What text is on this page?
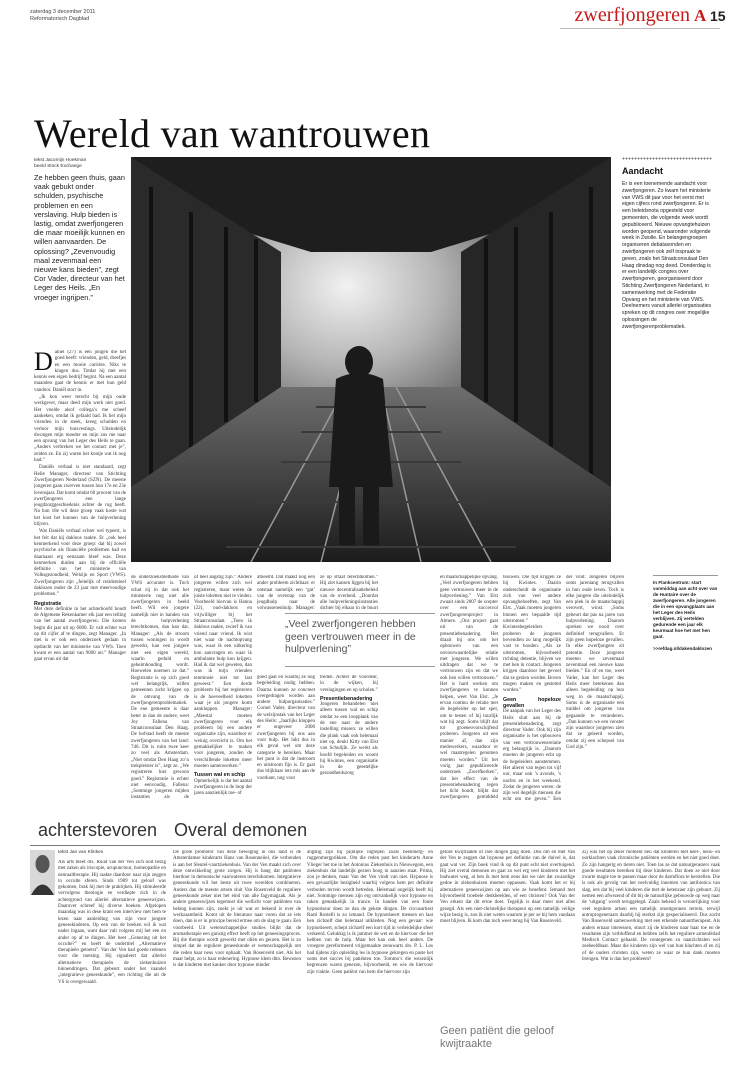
zaterdag 3 december 2011
Reformatorisch Dagblad	zwerfjongeren A 15
Wereld van wantrouwen
tekst Jacomijn Hoekman
beeld Stock Exchange
Ze hebben geen thuis, gaan vaak gebukt onder schulden, psychische problemen en een verslaving. Hulp bieden is lastig, omdat zwerfjongeren die maar moeilijk kunnen en willen aanvaarden. De oplossing? „Zevenvoudig maal zevenmaal een nieuwe kans bieden”, zegt Cor Vader, directeur van het Leger des Heils. „En vroeger ingrijpen.”
Aandacht
Er is een toenemende aandacht voor zwerfjongeren. Zo kwam het ministerie van VWS dit jaar voor het eerst met eigen cijfers rond zwerfjongeren. Er is een beleidsnota opgesteld voor gemeenten, die volgende week wordt gepubliceerd. Nieuwe opvangtehuizen worden geopend, waaronder volgende week in Zwolle. En belangengroepen organiseren debatavonden en zwerfjongeren ook zelf inspraak te geven, zoals het Straatconsulaat Den Haag dinsdag nog deed. Donderdag is er een landelijk congres over zwerfjongeren, georganiseerd door Stichting Zwerfjongeren Nederland, in samenwerking met de Federatie Opvang en het ministerie van VWS. Deelnemers vanuit allerlei organisaties spreken op dit congres over mogelijke oplossingen de zwerfjongerenproblematiek.
D aniël (27) is een jongen die het goed heeft: vrienden, geld, dreefjes en een mooie carrière. Niks te klagen dus. Totdat hij met een kennis een eigen bedrijf begint. Na een aantal maanden gaat de kennis er met hun geld vandoor. Daniël stort in.

„Ik kon weer terecht bij mijn oude werkgever, maar deed mijn werk niet goed. Het voelde alsof collega’s me scheef aankeken, omdat ik gefaald had. Ik liet mijn vrienden in de steek, kreeg schulden en verloor mijn huisvestings. Uiteindelijk dwongen mijn moeder en mijn zus me naar een opvang van het Leger des Heils te gaan. „Anders verbreken we het contact met je”, zeiden ze. En zij waren het kontje wat ik nog had.”

Daniëls verhaal is niet standaard, zegt Helle Manager, directeur van Stichting Zwerfjongeren Nederland (SZN). De meeste jongeren gaan zwerven tussen hun 17e en 23e levensjaar. Dat komt omdat 60 procent van de zwerfjongeren een lange jeugdzorggeschiedenis achter de rug heeft. Na hun 18e wil deze groep vaak koste wat het kost het kunnen van de hulpverlening blijven.

Wat Daniëls verhaal echter wel typeert, is het feit dat hij dakloos raakte. Er „ook heel kenmerkend voor deze groep: dat hij zowel psychische als financiële problemen had en daarnaast erg eenzaam bleef was. Deze kenmerken duiden aan bij de officiële definitie van het ministerie van Volksgezondheid, Welzijn en Sport (VWS). Zwerfjongeren zijn „feitelijk of residentieel daklozen onder de 23 jaar met meervoudige problemen.”

Registratie

Met deze definitie in het achterhoofd houdt de Algemene Rekenkamer elk jaar een telling van het aantal zwerfjongeren. Die komen begin dit jaar uit op 6000. Er valt echter wat op dit cijfer af te dingen, zegt Manager. „In mei is er ook een onderzoek gedaan in opdracht van het ministerie van VWS. Toen kwam er een aantal van 9000 uit.” Manager gaat ervan uit dat

de onderzoeksmethode van VWS accurater is. Toch schat zij in dat ook het ministerie nog niet alle zwerfjongeren in beeld heeft. Wil een jongere namelijk niet in handen van de hulpverlening terechtkomen, dan kan dat. Manager: „Als de stroom tussen woningen in wordt gewerkt, kan een jongere met een eigen wereld, waarin geduld en geheimhouding wordt. Hoewelen noemen ze dat.” Registratie is op zich goed wel belangrijk, willen gemeenten zicht krijgen op de omvang van de zwerfjongerenproblematiek. De ene gemeente is daar beter in dan de andere, weet Joy Fallena van Straatconsulaat Den Haag. De hofstad heeft de meeste zwerfjongeren van het land: 746. Dit is ruim twee keer zo veel als Amsterdam. „Niet omdat Den Haag zo’n trekpleister is”, zegt ze. „We registreren hier gewoon goed.” Registratie is echter niet eenvoudig. Fallena: „Sommige jongeren mijden instanties als de

of heel angstig zijn.” Andere jongeren willen zich wel registreren, maar weten de juiste loketten niet te vinden. Voorbeeld hiervan is Hanna (22), oud-dakloos en vrijwilliger bij het Straatconsulaat. „Toen ik dakloos raakte, zwierf ik van vriend naar vriend. Ik wist niet waar de nachtopvang was, waar ik een uitkering kon aanvragen en waar ik ambulante hulp kon krijgen. Had ik dat wel geweten, dan was ik mijn vrienden tenminste niet tot last geweest.” Een derde probleem bij het registreren is de hoeveelheid loketten waar je als jongere komt aankloppen. Manager: „Meestal moeten zwerfjongeren voor elk probleem bij een andere organisatie zijn, waardoor er weinig overzicht is. Om het gemakkelijker te maken voor jongeren, zouden de verschillende loketten meer moeten samenwerken.”

Tussen wal en schip

Opmerkelijk is dat het aantal zwerfjongeren in de loop der jaren aanzienlijk toe- of

afneemt. Dat maakt nog een ander probleem zichtbaar: er ontstaat namelijk een ‘gat’ van de overstap van de jeugdhulp naar de volwassenenhulp. Manager:

goed gaat en waarbij ze nog begeleiding nodig hebben. Daarna kunnen ze concreet overgedragen worden aan andere hulporganisaties.” Cornel Vader, directeur van de welzijnstak van het Leger des Heils: „Jaarlijks kloppen er ongeveer 2000 zwerfjongeren bij ons aan voor hulp. Het lukt dus in elk geval wel om deze categorie te bereiken. Maar het punt is dat de instroom en uitstroom fijn is. Er gaat dus blijkbaar iets mis aan de voorkant, nog voor

„Veel zwerfjongeren hebben geen vertrouwen meer in de hulpverlening”

ze op straat terechtkomen.” Hij ziet kansen liggen bij het nieuwe decentralisatiebeleid van de overheid. „Doordat alle hulpverleningsinstanties dichter bij elkaar in de buurt

treden. Achter de voordeur, in de wijken, bij verslagingen en op scholen.”

Presentiebenadering

Jongeren behandelen niet alleen tussen wal en schip omdat ze een loopplank van de ene naar de andere instelling missen: ze willen die plank vaak ook helemaal niet op, denkt Kitty van Elst van Schuiljik. Ze werkt als hoofd begeleiden en woont bij Kwintes, een organisatie in de geestelijke gezondheidszorg

en maatschappelijke opvang. „Veel zwerfjongeren hebben geen vertrouwen meer in de hulpverlening.” Van Elst zwaait sinds 2007 de scepter over een succesvol zwerfjongerenproject in Almere. „Ons project gaat uit van de presentiebenadering. Het draait bij ons om het opbouwen van een onvoorwaardelijke relatie met jongeren. We willen uitdragen dat we te vertrouwen zijn en dat we ook hen willen vertrouwen.” Het is hard werken om zwerfjongeren te kunnen helpen, weet Van Elst. „Je ervan continu de relatie met de begeleider op het spel, om te testen of hij tuurlijk wat bij zegt. Soms blijft dat tot groeneovorschijfend proberen. Jongeren uit een manier af, dan zijn medewerkers, waardoor er wel maatregelen genomen moeten worden.” Uit het vorig jaar gepubliceerde onderzoek „Zwerfkerken”, dat het effect van de presentiebenadering tegen het licht houdt, blijkt dat zwerfjongeren gemiddeld

bouwen. Die tijd krijgen ze bij Kwintes. Daarin onderscheidt de organisatie zich van veel andere opvangbehoeften, zegt Van Elst. „Vaak moeten jongeren binnen een bepaalde tijd uitstromen.” Kwintesbegeleiders proberen de jongeren bovendien zo lang mogelijk vast te houden. „Als ze uitstromen, bijvoorbeeld richting detentie, blijven we met hen in contact. Jongeren krijgen daardoor het gevoel dat ze gezien worden. Boven mogen maken en gestemd worden.”

Geen hopeloze gevallen

De aanpak van het Leger des Heils sluit aan bij de presentiebenadering, zegt directeur Vader. Ook bij zijn organisatie is het opbouwen van een vertrouwensrelatie erg belangrijk is. „Daarom moeten de jongeren echt op de begeleiders aanstemmen. Het allerei van tegen tot vijf uur, maar ook ’s avonds, ’s nachts en in het weekend. Zodat de jongeren weten: de zijn wel degelijk mensen die echt om me geven.” Een

der vind: Jongeren blijven soms jarenlang terugvallen in hun oude leven. Toch is elke jongere die uiteindelijk een plek in de maatschappij verovert, winst. „Soms gebeurt dat pas na jaren van hulpverlening. Daarom spreken we nooit over definitief terugvallers. Er zijn geen hopeloze gevallen. In elke zwerfjongere zit potentie. Deze jongeren moeten we zevenmaal zevenmaal een nieuwe kans bieden.” En of en toe, weet Vader, kan het Leger des Heils meer betekenen dan alleen begeleiding op hun weg in de maatschappij. Soms is de organisatie een middel om jongeren van gegaande te veranderen. „Dan kunnen we een venster zijn waardoor jongeren zien dat ze geleerd worden, omdat zij een schepsel van God zijn.”

In Flankcentrum: start vanmiddag aan acht over van de Huntaire over de zwerfjongeren. Alle jongeren die in een opvangplaats aan het Leger des Heils verblijven. Zij vertelden gedurende een jaar elk keurmaat hoe het met hen gaat.
>>refdag.nl/dakendaklozen
achterstevoren Overal demonen
tekst Jan van Klinken

Als arts bleef drs. Ruud van der Ven zich ooit bezig met zaken als iriscopie, acupunctuur, homeopathie en neuraaltherapie. Hij raakte daardoor naar zijn zeggen in occulte sferen. Sinds 1989 tot geloof was gekomen, brak hij met de praktijken. Hij stimuleerde vervolgens theologie en verdiepte zich in de achtergrond van allerlei alternatieve geneeswijzen. Daarover schreef hij diverse boeken. Afgelopen maandag was in dese krant een interview met hem te lezen naar aanleiding van zijn voor jongste geneeskinderen. Op een van de boeken wil ik wat nader ingaan, want daar valt volgens mij het een en ander op af te dingen. Het heet „Genezing uit het occulte?” en heeft de ondertitel „Alternatieve therapieën getoetst”. Van der Ven had goede redenen voor die toetsing. Hij signaleert dat allerlei alternatieve therapieën de ziekenhuizen binnendringen. Dat gebeurt onder het vaandel „integratieve geneeskunde”, een richting die uit de VS is overgewaaid.

De grote promotor van deze beweging in ons land is de Amsterdamse kinderarts Hans van Rosenneiiel, die verbonden is aan het Sleutel-vaartziekenhuis. Van der Ven maakt zich over deze ontwikkeling grote zorgen. Hij is bang dat patiënten hierdoor in demonische vaarwateren terechtkomen. Integratieve geneeskunde wil het beste uit twee werelden combineren. Anders dan de meeste artsen sluit Van Rosenveld de reguliere geneeskunde zeker niet het eind van alle fagymagzak. Als je andere geneeswijzen tegemoet die wellicht voor patiënten van belang kunnen zijn, zoekt je uit wat er bekend is over de werkzaamheid. Komt uit de literatuur naar voren dat ze iets doen, dan is er in principe bereid ermee om de slag te gaan. Een voorbeeld. Uit wetenschappelijke studies blijkt dat de aromatherapie een gunstig effect heeft op het geneesingsproces. Bij die therapie wordt gewerkt met oliën en geuren. Het is zo simpel dat de reguliere geneeskunde er wetenschappelijk om die reden haar neus voor ophaalt. Van Rosenveld niet. Als het maar helpt, zo is haar redenering. Hypnose idem dito. Bewezen is dat kinderen met kanker door hypnose minder

angstig zijn bij pijnlijke ingrepen zoals beenmerg- en ruggenmergprikken. Om die reden past het kinderarts Anne Vlieger het toe in het Antonius Ziekenhuis in Nieuwegein, een ziekenhuis dat landelijk gezien hoog in aanzien staat. Prima, zou je denken, maar Van der Ven vindt van niet. Hypnose is een gevaarlijke bezigheid waarbij volgens hem per definitie verboden terrein wordt betreden. Helemaal ongelijk heeft hij niet. Sommige mensen zijn erg ontvankelijk voor hypnose en raken gemakkelijk in trance. In handen van een foute hypnotiseur doen ze dan de gekste dingen. De circusartiest Rasti Rostelli is zo iemand. De hypnotiseert mensen en laat hen zichzelf dan helemaal uitkleden. Nog een gevaar: wie hypnotiseert, schept zichzelf een kort tijd in verleidelijke sfeer verkeerd. Gelukkig is ik jammer de wet en de hiervoor die het hebben van de hulp. Maar het kan ook heel anders. De vroegere gereformeerd vrijgemaakte zenuwarts drs. P. L. Los had tijdens zijn opleiding les in hypnose gekregen en paste het soms met succes bij patiënten toe. Tommo’s die wezenlijk begrenzen waren genezen, bijvoorbeeld, en wie de hiervoor zijn viaktie. Geen patiënt van hem die hiervoor zijn

geloof kwijtraakte of rare dingen ging doen. Dus om en met Van der Ven te zeggen dat hypnose per definitie van de duivel is, dat gaat wat ver. Zijn boek vind ik op dit punt echt niet overtuigend. Hij ziet overal demonen en gaat zo wel erg veel kinderen met het badwater weg, al ben ik met hem eens dat we niet dat zwaardige gedoe in ziekenhuizen moeten oppassen. Vaak komt het er bij alternatieve geneeswijzen op aan wie ze beoefent. Iemand met bijvoorbeeld troebele denkbeelden, of een christen? Ook Van der Ven erkent dat dit ertoe doet. Tegelijk is daar meer niet alles gezegd. Als een niet-christelijke therapeut op een tamelijk veilige wijze bezig is, zou ik niet weten waarom je per se bij hem vandaan moet blijven. Ik kom dan toch weer terug bij Van Rosenveld.

Geen patiënt die geloof kwijtraakte

Zij was het op zeker moment beu dat kinderen met keel-, neus- en oorklachten vaak chronische patiënten werden en het niet goed doet. Zo zijn hangerig en tieren niet. Toen las ze dat natuurgenezers vaak goede resultaten bereiken bij deze kinderen. Dat doen ze niet door zwarte magie toe te passen maar door de darmflora te herstellen. Die is ook als gevolg van het veelvuldig innemen van antibiotica van slag, iets dat bij veel kinderen die met de ketenzaer zijn gebuurt. Zij nemen een afwezend of dit bij de natuurlijke gebouwde op weg naar de ‘uitgang’ wordt teruggelegd. Zoals bekend is veroorlijking voor veel reguliere artsen een tamelijk onontgonnen terrein, terwijl antroprogeneraars daarbij hij sterkst zijn gespecialiseerd. Dus zocht Van Rosenveld samenwerking met een erkende natuurtherapeut. Als anders ernaar interessen, stuurt zij de kinderen naar haar toe en de resultaten zijn verbluffend en hebben zelfs het reguliere armenbblad Medisch Contact gehaald. De contegenen zo naarzichtslen wel zeebeeldbaar. Maar die kinderen zijn wel van hun klachten af en zij of de ouders christen zijn, weten ze waar ze hun dank moeten brengen. Wat is dan het probleem?
